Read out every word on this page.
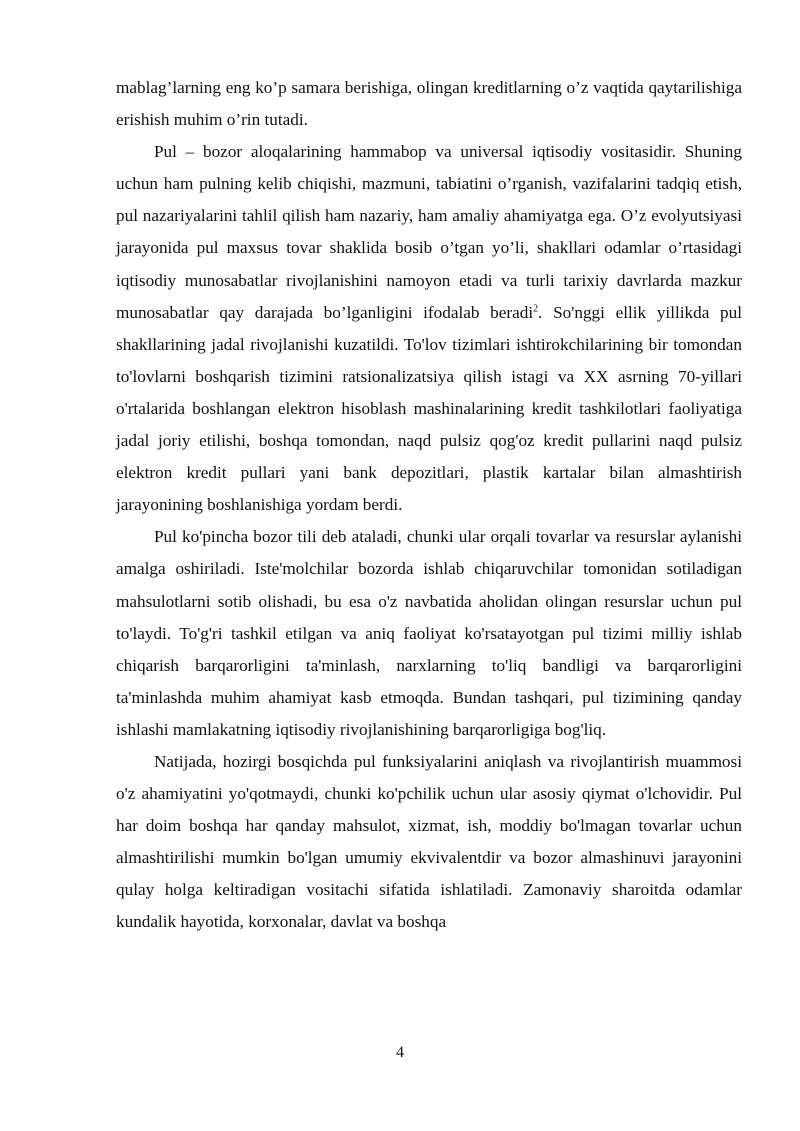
mablag’larning eng ko’p samara berishiga, olingan kreditlarning o’z vaqtida qaytarilishiga erishish muhim o’rin tutadi.

Pul – bozor aloqalarining hammabop va universal iqtisodiy vositasidir. Shuning uchun ham pulning kelib chiqishi, mazmuni, tabiatini o’rganish, vazifalarini tadqiq etish, pul nazariyalarini tahlil qilish ham nazariy, ham amaliy ahamiyatga ega. O’z evolyutsiyasi jarayonida pul maxsus tovar shaklida bosib o’tgan yo’li, shakllari odamlar o’rtasidagi iqtisodiy munosabatlar rivojlanishini namoyon etadi va turli tarixiy davrlarda mazkur munosabatlar qay darajada bo’lganligini ifodalab beradi$^2$. So'nggi ellik yillikda pul shakllarining jadal rivojlanishi kuzatildi. To'lov tizimlari ishtirokchilarining bir tomondan to'lovlarni boshqarish tizimini ratsionalizatsiya qilish istagi va XX asrning 70-yillari o'rtalarida boshlangan elektron hisoblash mashinalarining kredit tashkilotlari faoliyatiga jadal joriy etilishi, boshqa tomondan, naqd pulsiz qog'oz kredit pullarini naqd pulsiz elektron kredit pullari yani bank depozitlari, plastik kartalar bilan almashtirish jarayonining boshlanishiga yordam berdi.

Pul ko'pincha bozor tili deb ataladi, chunki ular orqali tovarlar va resurslar aylanishi amalga oshiriladi. Iste'molchilar bozorda ishlab chiqaruvchilar tomonidan sotiladigan mahsulotlarni sotib olishadi, bu esa o'z navbatida aholidan olingan resurslar uchun pul to'laydi. To'g'ri tashkil etilgan va aniq faoliyat ko'rsatayotgan pul tizimi milliy ishlab chiqarish barqarorligini ta'minlash, narxlarning to'liq bandligi va barqarorligini ta'minlashda muhim ahamiyat kasb etmoqda. Bundan tashqari, pul tizimining qanday ishlashi mamlakatning iqtisodiy rivojlanishining barqarorligiga bog'liq.

Natijada, hozirgi bosqichda pul funksiyalarini aniqlash va rivojlantirish muammosi o'z ahamiyatini yo'qotmaydi, chunki ko'pchilik uchun ular asosiy qiymat o'lchovidir. Pul har doim boshqa har qanday mahsulot, xizmat, ish, moddiy bo'lmagan tovarlar uchun almashtirilishi mumkin bo'lgan umumiy ekvivalentdir va bozor almashinuvi jarayonini qulay holga keltiradigan vositachi sifatida ishlatiladi. Zamonaviy sharoitda odamlar kundalik hayotida, korxonalar, davlat va boshqa

4
